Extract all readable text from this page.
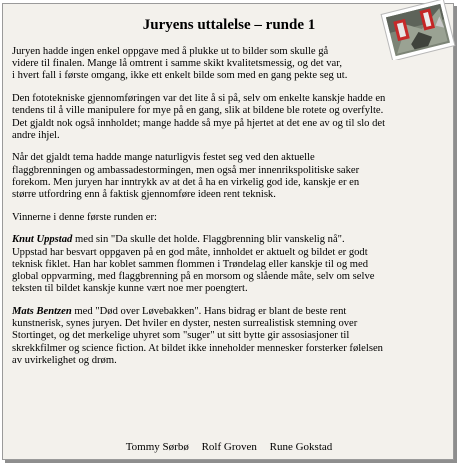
Juryens uttalelse – runde 1

Juryen hadde ingen enkel oppgave med å plukke ut to bilder som skulle gå
videre til finalen. Mange lå omtrent i samme skikt kvalitetsmessig, og det var,
i hvert fall i første omgang, ikke ett enkelt bilde som med en gang pekte seg ut.

Den fototekniske gjennomføringen var det lite å si på, selv om enkelte kanskje hadde en
tendens til å ville manipulere for mye på en gang, slik at bildene ble rotete og overfylte.
Det gjaldt nok også innholdet; mange hadde så mye på hjertet at det ene av og til slo det
andre ihjel.

Når det gjaldt tema hadde mange naturligvis festet seg ved den aktuelle
flaggbrenningen og ambassadestormingen, men også mer innenrikspolitiske saker
forekom. Men juryen har inntrykk av at det å ha en virkelig god ide, kanskje er en
større utfordring enn å faktisk gjennomføre ideen rent teknisk.

Vinnerne i denne første runden er:

Knut Uppstad med sin "Da skulle det holde. Flaggbrenning blir vanskelig nå".
Uppstad har besvart oppgaven på en god måte, innholdet er aktuelt og bildet er godt
teknisk fiklet. Han har koblet sammen flommen i Trøndelag eller kanskje til og med
global oppvarming, med flaggbrenning på en morsom og slående måte, selv om selve
teksten til bildet kanskje kunne vært noe mer poengtert.

Mats Bentzen med "Død over Løvebakken". Hans bidrag er blant de beste rent
kunstnerisk, synes juryen. Det hviler en dyster, nesten surrealistisk stemning over
Stortinget, og det merkelige uhyret som "suger" ut sitt bytte gir assosiasjoner til
skrekkfilmer og science fiction. At bildet ikke inneholder mennesker forsterker følelsen
av uvirkelighet og drøm.

Tommy Sørbø Rolf Groven Rune Gokstad
